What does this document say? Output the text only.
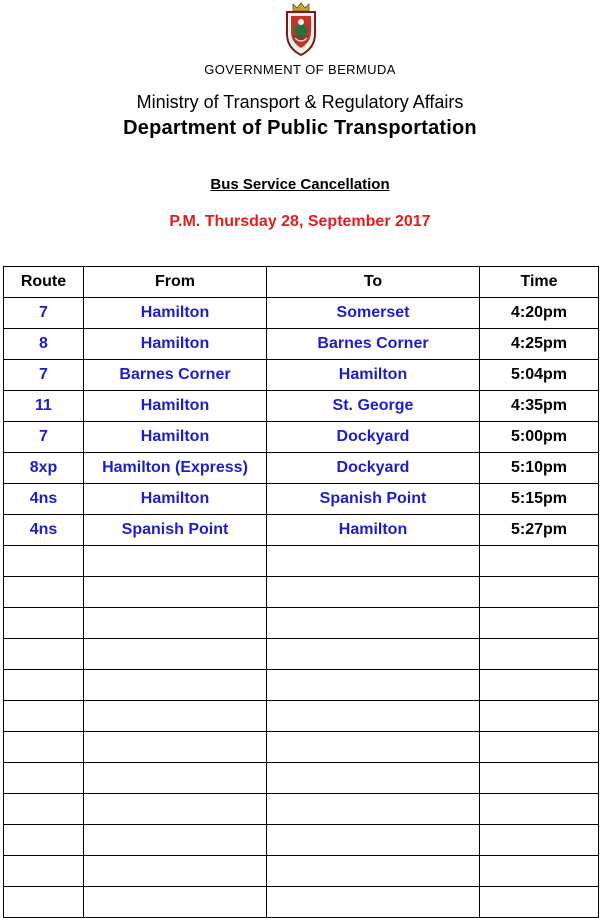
GOVERNMENT OF BERMUDA
Ministry of Transport & Regulatory Affairs
Department of Public Transportation
Bus Service Cancellation
P.M. Thursday 28, September 2017
Route	From	To	Time
7	Hamilton	Somerset	4:20pm
8	Hamilton	Barnes Corner	4:25pm
7	Barnes Corner	Hamilton	5:04pm
11	Hamilton	St. George	4:35pm
7	Hamilton	Dockyard	5:00pm
8xp	Hamilton (Express)	Dockyard	5:10pm
4ns	Hamilton	Spanish Point	5:15pm
4ns	Spanish Point	Hamilton	5:27pm
